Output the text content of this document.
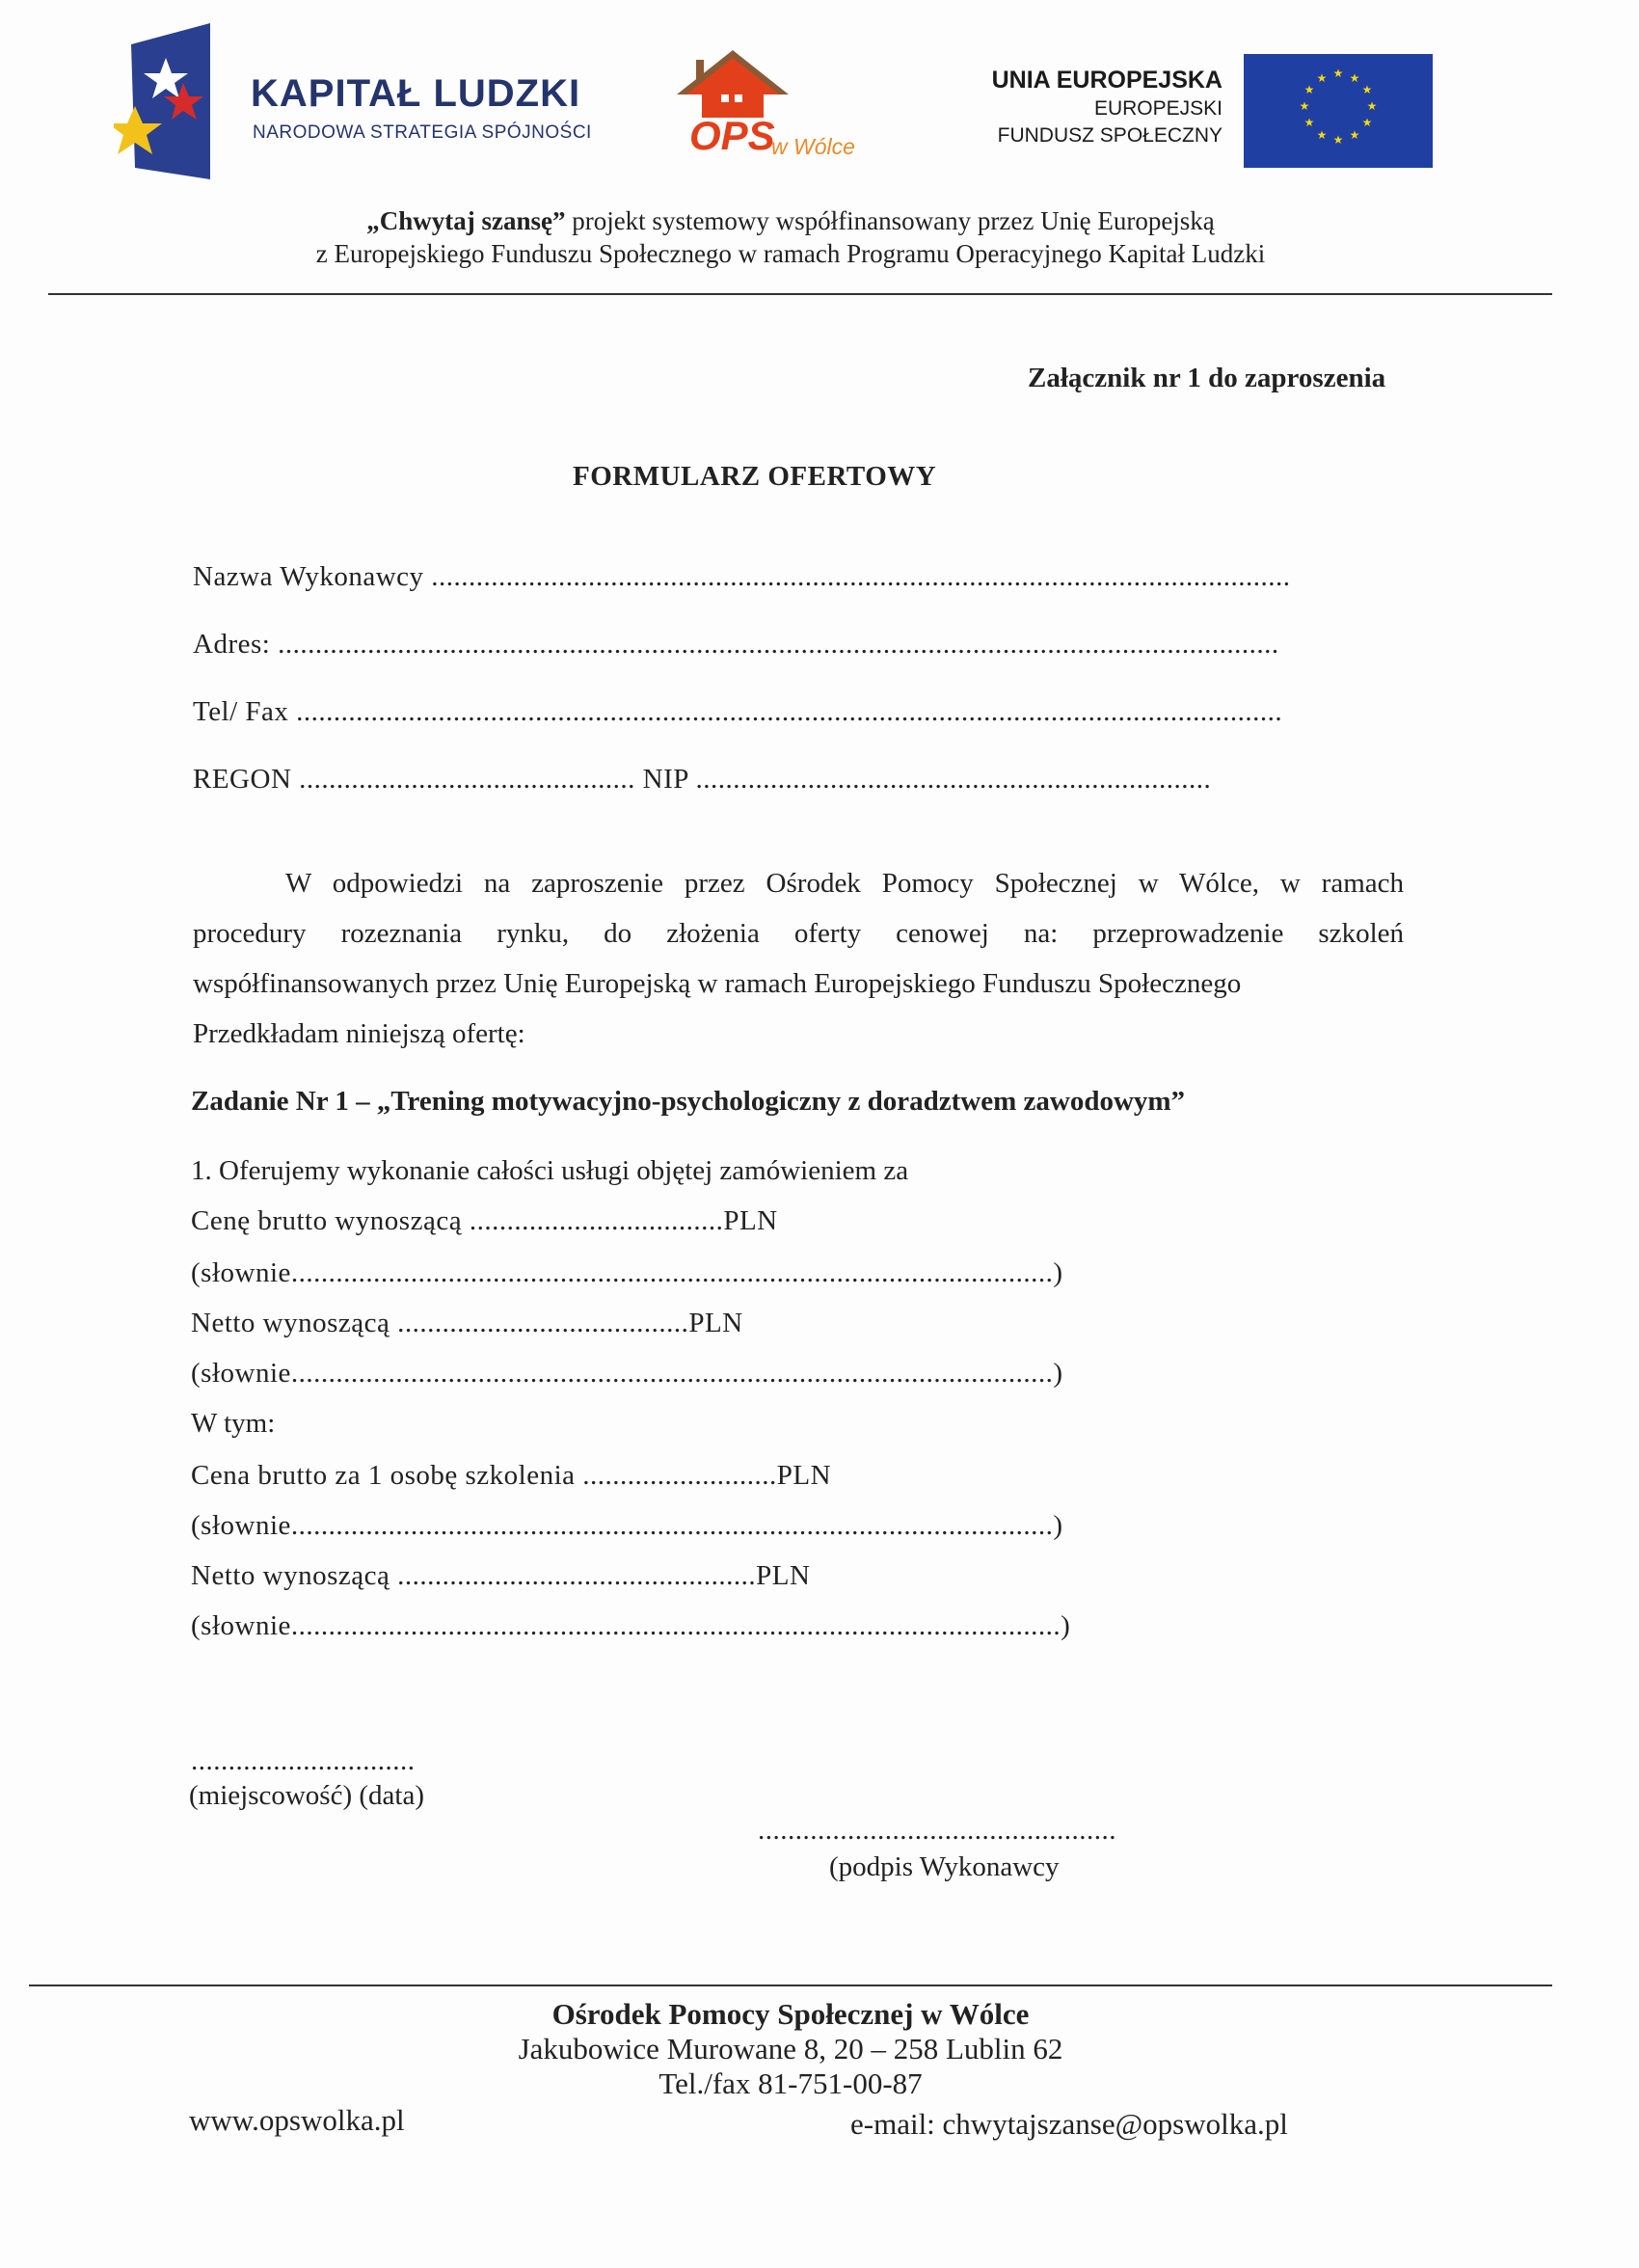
KAPITAŁ LUDZKI
NARODOWA STRATEGIA SPÓJNOŚCI OPS
w Wólce
UNIA EUROPEJSKA
EUROPEJSKI
FUNDUSZ SPOŁECZNY
★ ★
★
★
★
★
★
★
★
★
★
★
„Chwytaj szansę” projekt systemowy współfinansowany przez Unię Europejską
z Europejskiego Funduszu Społecznego w ramach Programu Operacyjnego Kapitał Ludzki
Załącznik nr 1 do zaproszenia
FORMULARZ OFERTOWY
Nazwa Wykonawcy ...................................................................................................................
Adres: ......................................................................................................................................
Tel/ Fax ....................................................................................................................................
REGON ............................................. NIP .....................................................................
W odpowiedzi na zaproszenie przez Ośrodek Pomocy Społecznej w Wólce, w ramach
procedury rozeznania rynku, do złożenia oferty cenowej na: przeprowadzenie szkoleń
współfinansowanych przez Unię Europejską w ramach Europejskiego Funduszu Społecznego
Przedkładam niniejszą ofertę:
Zadanie Nr 1 – „Trening motywacyjno-psychologiczny z doradztwem zawodowym”
1. Oferujemy wykonanie całości usługi objętej zamówieniem za
Cenę brutto wynoszącą ..................................PLN
(słownie......................................................................................................)
Netto wynoszącą .......................................PLN
(słownie......................................................................................................)
W tym:
Cena brutto za 1 osobę szkolenia ..........................PLN
(słownie......................................................................................................)
Netto wynoszącą ................................................PLN
(słownie.......................................................................................................)
..............................
(miejscowość) (data)
................................................
(podpis Wykonawcy
Ośrodek Pomocy Społecznej w Wólce
Jakubowice Murowane 8, 20 – 258 Lublin 62
Tel./fax 81-751-00-87
www.opswolka.pl	e-mail: chwytajszanse@opswolka.pl
